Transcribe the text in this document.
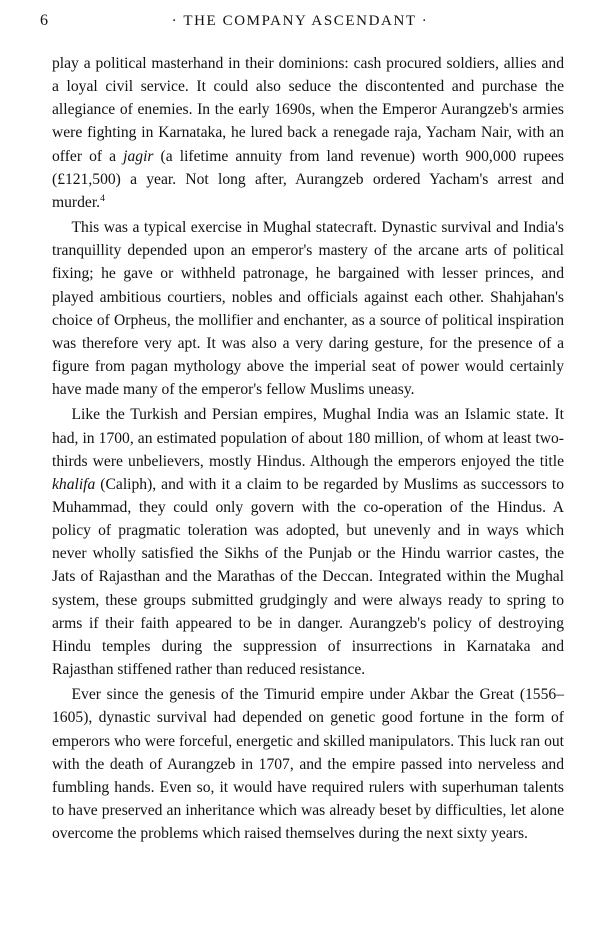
6	· THE COMPANY ASCENDANT ·

play a political masterhand in their dominions: cash procured soldiers, allies and a loyal civil service. It could also seduce the discontented and purchase the allegiance of enemies. In the early 1690s, when the Emperor Aurangzeb's armies were fighting in Karnataka, he lured back a renegade raja, Yacham Nair, with an offer of a jagir (a lifetime annuity from land revenue) worth 900,000 rupees (£121,500) a year. Not long after, Aurangzeb ordered Yacham's arrest and murder.$^4$

This was a typical exercise in Mughal statecraft. Dynastic survival and India's tranquillity depended upon an emperor's mastery of the arcane arts of political fixing; he gave or withheld patronage, he bargained with lesser princes, and played ambitious courtiers, nobles and officials against each other. Shahjahan's choice of Orpheus, the mollifier and enchanter, as a source of political inspiration was therefore very apt. It was also a very daring gesture, for the presence of a figure from pagan mythology above the imperial seat of power would certainly have made many of the emperor's fellow Muslims uneasy.

Like the Turkish and Persian empires, Mughal India was an Islamic state. It had, in 1700, an estimated population of about 180 million, of whom at least two-thirds were unbelievers, mostly Hindus. Although the emperors enjoyed the title khalifa (Caliph), and with it a claim to be regarded by Muslims as successors to Muhammad, they could only govern with the co-operation of the Hindus. A policy of pragmatic toleration was adopted, but unevenly and in ways which never wholly satisfied the Sikhs of the Punjab or the Hindu warrior castes, the Jats of Rajasthan and the Marathas of the Deccan. Integrated within the Mughal system, these groups submitted grudgingly and were always ready to spring to arms if their faith appeared to be in danger. Aurangzeb's policy of destroying Hindu temples during the suppression of insurrections in Karnataka and Rajasthan stiffened rather than reduced resistance.

Ever since the genesis of the Timurid empire under Akbar the Great (1556–1605), dynastic survival had depended on genetic good fortune in the form of emperors who were forceful, energetic and skilled manipulators. This luck ran out with the death of Aurangzeb in 1707, and the empire passed into nerveless and fumbling hands. Even so, it would have required rulers with superhuman talents to have preserved an inheritance which was already beset by difficulties, let alone overcome the problems which raised themselves during the next sixty years.
